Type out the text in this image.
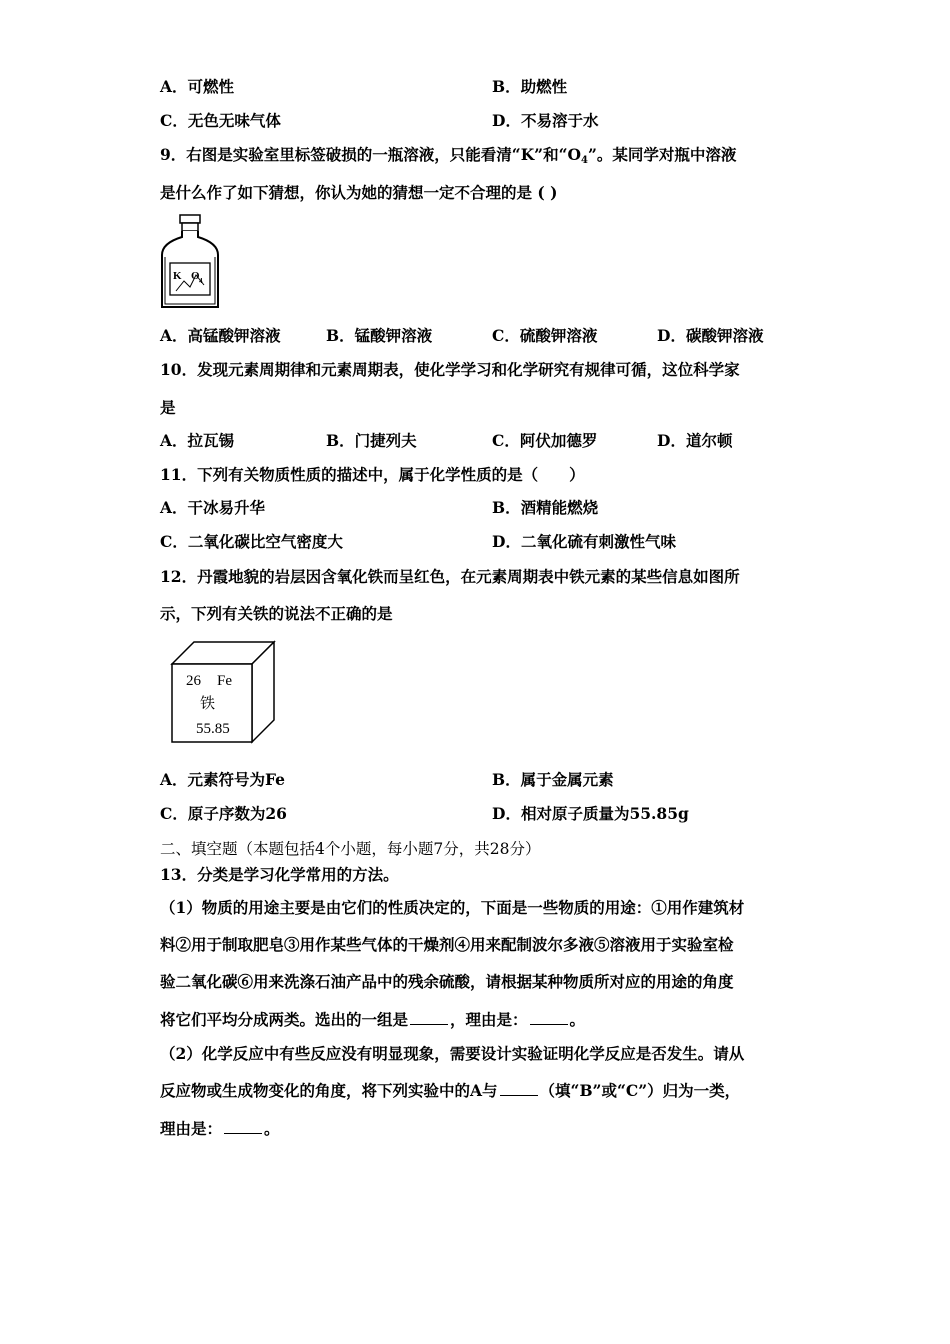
A．可燃性	B．助燃性
C．无色无味气体	D．不易溶于水
9．右图是实验室里标签破损的一瓶溶液，只能看清“K”和“$O_4$”。某同学对瓶中溶液
是什么作了如下猜想，你认为她的猜想一定不合理的是 ( )
K O 4
A．高锰酸钾溶液	B．锰酸钾溶液	C．硫酸钾溶液	D．碳酸钾溶液
10．发现元素周期律和元素周期表，使化学学习和化学研究有规律可循，这位科学家
是
A．拉瓦锡	B．门捷列夫	C．阿伏加德罗	D．道尔顿
11．下列有关物质性质的描述中，属于化学性质的是（　　）
A．干冰易升华	B．酒精能燃烧
C．二氧化碳比空气密度大	D．二氧化硫有刺激性气味
12．丹霞地貌的岩层因含氧化铁而呈红色，在元素周期表中铁元素的某些信息如图所
示，下列有关铁的说法不正确的是
26 Fe
铁
55.85
A．元素符号为Fe	B．属于金属元素
C．原子序数为26	D．相对原子质量为55.85g
二、填空题（本题包括4个小题，每小题7分，共28分）
13．分类是学习化学常用的方法。
（1）物质的用途主要是由它们的性质决定的，下面是一些物质的用途：①用作建筑材
料②用于制取肥皂③用作某些气体的干燥剂④用来配制波尔多液⑤溶液用于实验室检
验二氧化碳⑥用来洗涤石油产品中的残余硫酸，请根据某种物质所对应的用途的角度
将它们平均分成两类。选出的一组是	，理由是：	。
（2）化学反应中有些反应没有明显现象，需要设计实验证明化学反应是否发生。请从
反应物或生成物变化的角度，将下列实验中的A与	（填“B”或“C”）归为一类，
理由是：	。
